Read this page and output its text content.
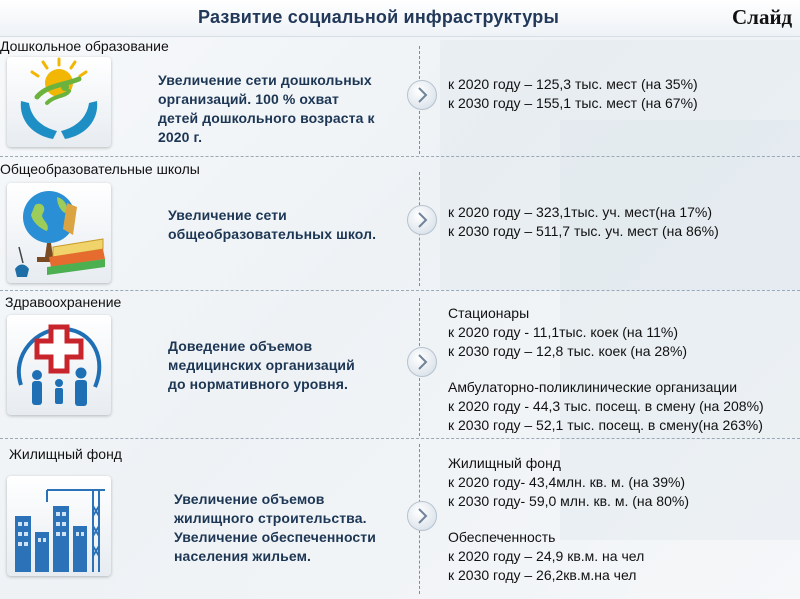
Развитие социальной инфраструктуры	Слайд
Дошкольное образование
Увеличение сети дошкольных
организаций. 100 % охват
детей дошкольного возраста к
2020 г.
к 2020 году – 125,3 тыс. мест (на 35%)
к 2030 году – 155,1 тыс. мест (на 67%)
Общеобразовательные школы
Увеличение сети
общеобразовательных школ.
к 2020 году – 323,1тыс. уч. мест(на 17%)
к 2030 году – 511,7 тыс. уч. мест (на 86%)
Здравоохранение
Доведение объемов
медицинских организаций
до нормативного уровня.
Стационары
к 2020 году - 11,1тыс. коек (на 11%)
к 2030 году – 12,8 тыс. коек (на 28%)
Амбулаторно-поликлинические организации
к 2020 году - 44,3 тыс. посещ. в смену (на 208%)
к 2030 году – 52,1 тыс. посещ. в смену(на 263%)
Жилищный фонд
Увеличение объемов
жилищного строительства.
Увеличение обеспеченности
населения жильем.
Жилищный фонд
к 2020 году- 43,4млн. кв. м. (на 39%)
к 2030 году- 59,0 млн. кв. м. (на 80%)
Обеспеченность
к 2020 году – 24,9 кв.м. на чел
к 2030 году – 26,2кв.м.на чел
